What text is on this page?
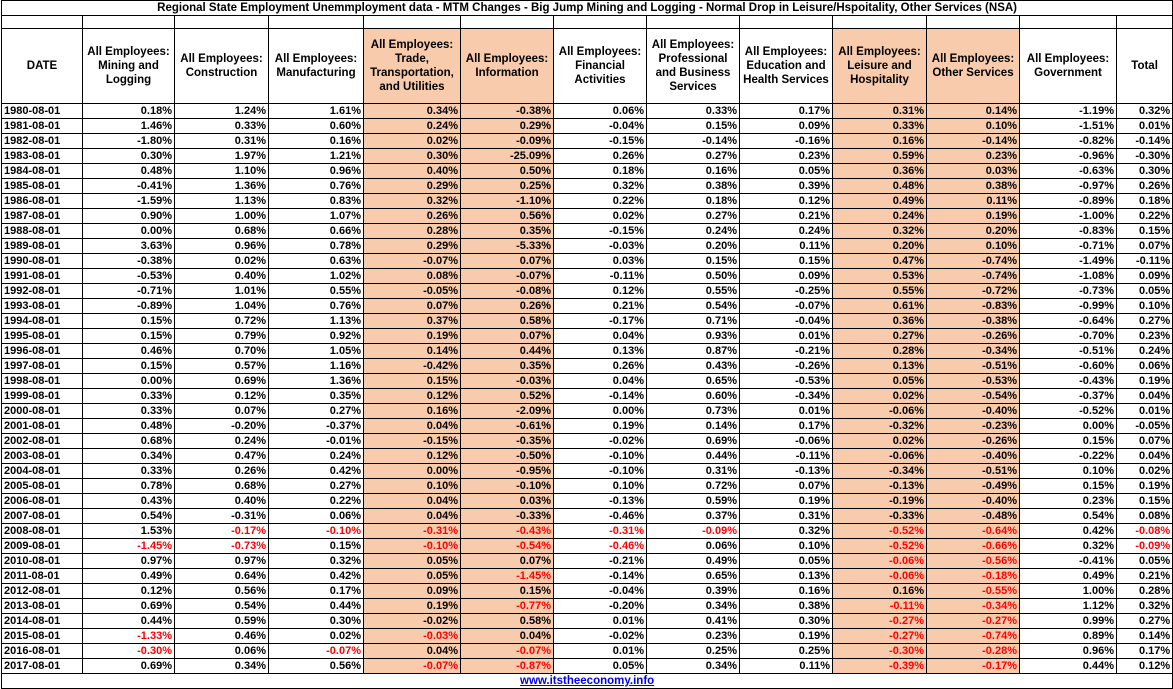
Regional State Employment Unemmployment data - MTM Changes - Big Jump Mining and Logging - Normal Drop in Leisure/Hspoitality, Other Services (NSA)												

DATE	All Employees: Mining and Logging	All Employees: Construction	All Employees: Manufacturing	All Employees: Trade, Transportation, and Utilities	All Employees: Information	All Employees: Financial Activities	All Employees: Professional and Business Services	All Employees: Education and Health Services	All Employees: Leisure and Hospitality	All Employees: Other Services	All Employees: Government	Total
1980-08-01	0.18%	1.24%	1.61%	0.34%	-0.38%	0.06%	0.33%	0.17%	0.31%	0.14%	-1.19%	0.32%
1981-08-01	1.46%	0.33%	0.60%	0.24%	0.29%	-0.04%	0.15%	0.09%	0.33%	0.10%	-1.51%	0.01%
1982-08-01	-1.80%	0.31%	0.16%	0.02%	-0.09%	-0.15%	-0.14%	-0.16%	0.16%	-0.14%	-0.82%	-0.14%
1983-08-01	0.30%	1.97%	1.21%	0.30%	-25.09%	0.26%	0.27%	0.23%	0.59%	0.23%	-0.96%	-0.30%
1984-08-01	0.48%	1.10%	0.96%	0.40%	0.50%	0.18%	0.16%	0.05%	0.36%	0.03%	-0.63%	0.30%
1985-08-01	-0.41%	1.36%	0.76%	0.29%	0.25%	0.32%	0.38%	0.39%	0.48%	0.38%	-0.97%	0.26%
1986-08-01	-1.59%	1.13%	0.83%	0.32%	-1.10%	0.22%	0.18%	0.12%	0.49%	0.11%	-0.89%	0.18%
1987-08-01	0.90%	1.00%	1.07%	0.26%	0.56%	0.02%	0.27%	0.21%	0.24%	0.19%	-1.00%	0.22%
1988-08-01	0.00%	0.68%	0.66%	0.28%	0.35%	-0.15%	0.24%	0.24%	0.32%	0.20%	-0.83%	0.15%
1989-08-01	3.63%	0.96%	0.78%	0.29%	-5.33%	-0.03%	0.20%	0.11%	0.20%	0.10%	-0.71%	0.07%
1990-08-01	-0.38%	0.02%	0.63%	-0.07%	0.07%	0.03%	0.15%	0.15%	0.47%	-0.74%	-1.49%	-0.11%
1991-08-01	-0.53%	0.40%	1.02%	0.08%	-0.07%	-0.11%	0.50%	0.09%	0.53%	-0.74%	-1.08%	0.09%
1992-08-01	-0.71%	1.01%	0.55%	-0.05%	-0.08%	0.12%	0.55%	-0.25%	0.55%	-0.72%	-0.73%	0.05%
1993-08-01	-0.89%	1.04%	0.76%	0.07%	0.26%	0.21%	0.54%	-0.07%	0.61%	-0.83%	-0.99%	0.10%
1994-08-01	0.15%	0.72%	1.13%	0.37%	0.58%	-0.17%	0.71%	-0.04%	0.36%	-0.38%	-0.64%	0.27%
1995-08-01	0.15%	0.79%	0.92%	0.19%	0.07%	0.04%	0.93%	0.01%	0.27%	-0.26%	-0.70%	0.23%
1996-08-01	0.46%	0.70%	1.05%	0.14%	0.44%	0.13%	0.87%	-0.21%	0.28%	-0.34%	-0.51%	0.24%
1997-08-01	0.15%	0.57%	1.16%	-0.42%	0.35%	0.26%	0.43%	-0.26%	0.13%	-0.51%	-0.60%	0.06%
1998-08-01	0.00%	0.69%	1.36%	0.15%	-0.03%	0.04%	0.65%	-0.53%	0.05%	-0.53%	-0.43%	0.19%
1999-08-01	0.33%	0.12%	0.35%	0.12%	0.52%	-0.14%	0.60%	-0.34%	0.02%	-0.54%	-0.37%	0.04%
2000-08-01	0.33%	0.07%	0.27%	0.16%	-2.09%	0.00%	0.73%	0.01%	-0.06%	-0.40%	-0.52%	0.01%
2001-08-01	0.48%	-0.20%	-0.37%	0.04%	-0.61%	0.19%	0.14%	0.17%	-0.32%	-0.23%	0.00%	-0.05%
2002-08-01	0.68%	0.24%	-0.01%	-0.15%	-0.35%	-0.02%	0.69%	-0.06%	0.02%	-0.26%	0.15%	0.07%
2003-08-01	0.34%	0.47%	0.24%	0.12%	-0.50%	-0.10%	0.44%	-0.11%	-0.06%	-0.40%	-0.22%	0.04%
2004-08-01	0.33%	0.26%	0.42%	0.00%	-0.95%	-0.10%	0.31%	-0.13%	-0.34%	-0.51%	0.10%	0.02%
2005-08-01	0.78%	0.68%	0.27%	0.10%	-0.10%	0.10%	0.72%	0.07%	-0.13%	-0.49%	0.15%	0.19%
2006-08-01	0.43%	0.40%	0.22%	0.04%	0.03%	-0.13%	0.59%	0.19%	-0.19%	-0.40%	0.23%	0.15%
2007-08-01	0.54%	-0.31%	0.06%	0.04%	-0.33%	-0.46%	0.37%	0.31%	-0.33%	-0.48%	0.54%	0.08%
2008-08-01	1.53%	-0.17%	-0.10%	-0.31%	-0.43%	-0.31%	-0.09%	0.32%	-0.52%	-0.64%	0.42%	-0.08%
2009-08-01	-1.45%	-0.73%	0.15%	-0.10%	-0.54%	-0.46%	0.06%	0.10%	-0.52%	-0.66%	0.32%	-0.09%
2010-08-01	0.97%	0.97%	0.32%	0.05%	0.07%	-0.21%	0.49%	0.05%	-0.06%	-0.56%	-0.41%	0.05%
2011-08-01	0.49%	0.64%	0.42%	0.05%	-1.45%	-0.14%	0.65%	0.13%	-0.06%	-0.18%	0.49%	0.21%
2012-08-01	0.12%	0.56%	0.17%	0.09%	0.15%	-0.04%	0.39%	0.16%	0.16%	-0.55%	1.00%	0.28%
2013-08-01	0.69%	0.54%	0.44%	0.19%	-0.77%	-0.20%	0.34%	0.38%	-0.11%	-0.34%	1.12%	0.32%
2014-08-01	0.44%	0.59%	0.30%	-0.02%	0.58%	0.01%	0.41%	0.30%	-0.27%	-0.27%	0.99%	0.27%
2015-08-01	-1.33%	0.46%	0.02%	-0.03%	0.04%	-0.02%	0.23%	0.19%	-0.27%	-0.74%	0.89%	0.14%
2016-08-01	-0.30%	0.06%	-0.07%	0.04%	-0.07%	0.01%	0.25%	0.25%	-0.30%	-0.28%	0.96%	0.17%
2017-08-01	0.69%	0.34%	0.56%	-0.07%	-0.87%	0.05%	0.34%	0.11%	-0.39%	-0.17%	0.44%	0.12%
www.itstheeconomy.info												
